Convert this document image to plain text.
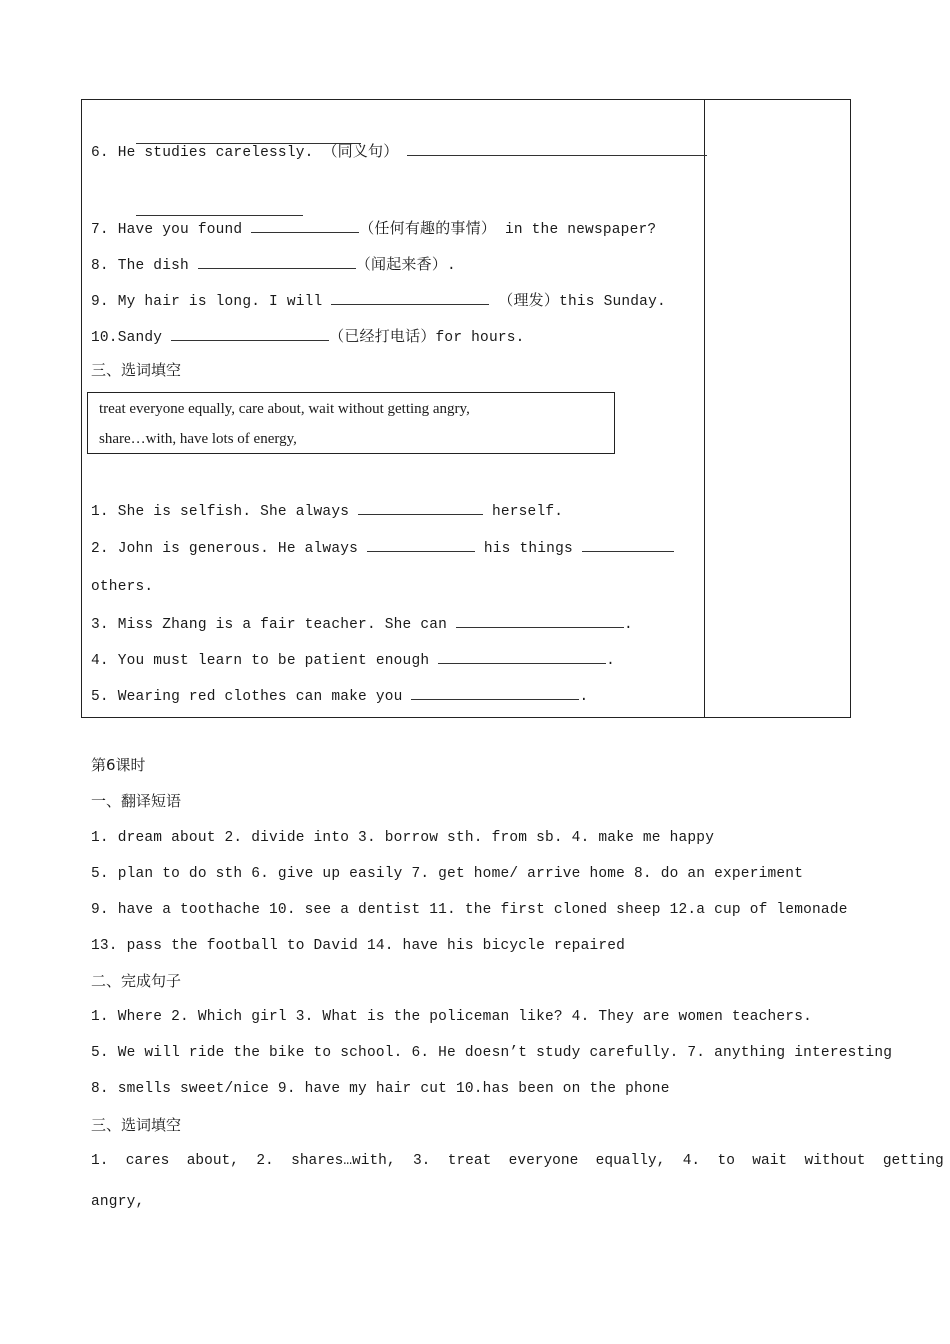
6. He studies carelessly. （同义句）

7. Have you found	（任何有趣的事情） in the newspaper?
8. The dish	（闻起来香）.
9. My hair is long. I will	（理发）this Sunday.
10.Sandy	（已经打电话）for hours.
三、选词填空
treat everyone equally, care about, wait without getting angry,
share…with, have lots of energy,
1. She is selfish. She always	herself.
2. John is generous. He always	his things
others.
3. Miss Zhang is a fair teacher. She can	.
4. You must learn to be patient enough	.
5. Wearing red clothes can make you	.
第6课时
一、翻译短语
1. dream about 2. divide into 3. borrow sth. from sb. 4. make me happy
5. plan to do sth 6. give up easily 7. get home/ arrive home 8. do an experiment
9. have a toothache 10. see a dentist 11. the first cloned sheep 12.a cup of lemonade
13. pass the football to David 14. have his bicycle repaired
二、完成句子
1. Where 2. Which girl 3. What is the policeman like? 4. They are women teachers.
5. We will ride the bike to school. 6. He doesn’t study carefully. 7. anything interesting
8. smells sweet/nice 9. have my hair cut 10.has been on the phone
三、选词填空
1.  cares  about,  2.  shares…with,  3.  treat  everyone  equally,  4.  to  wait  without  getting
angry,
